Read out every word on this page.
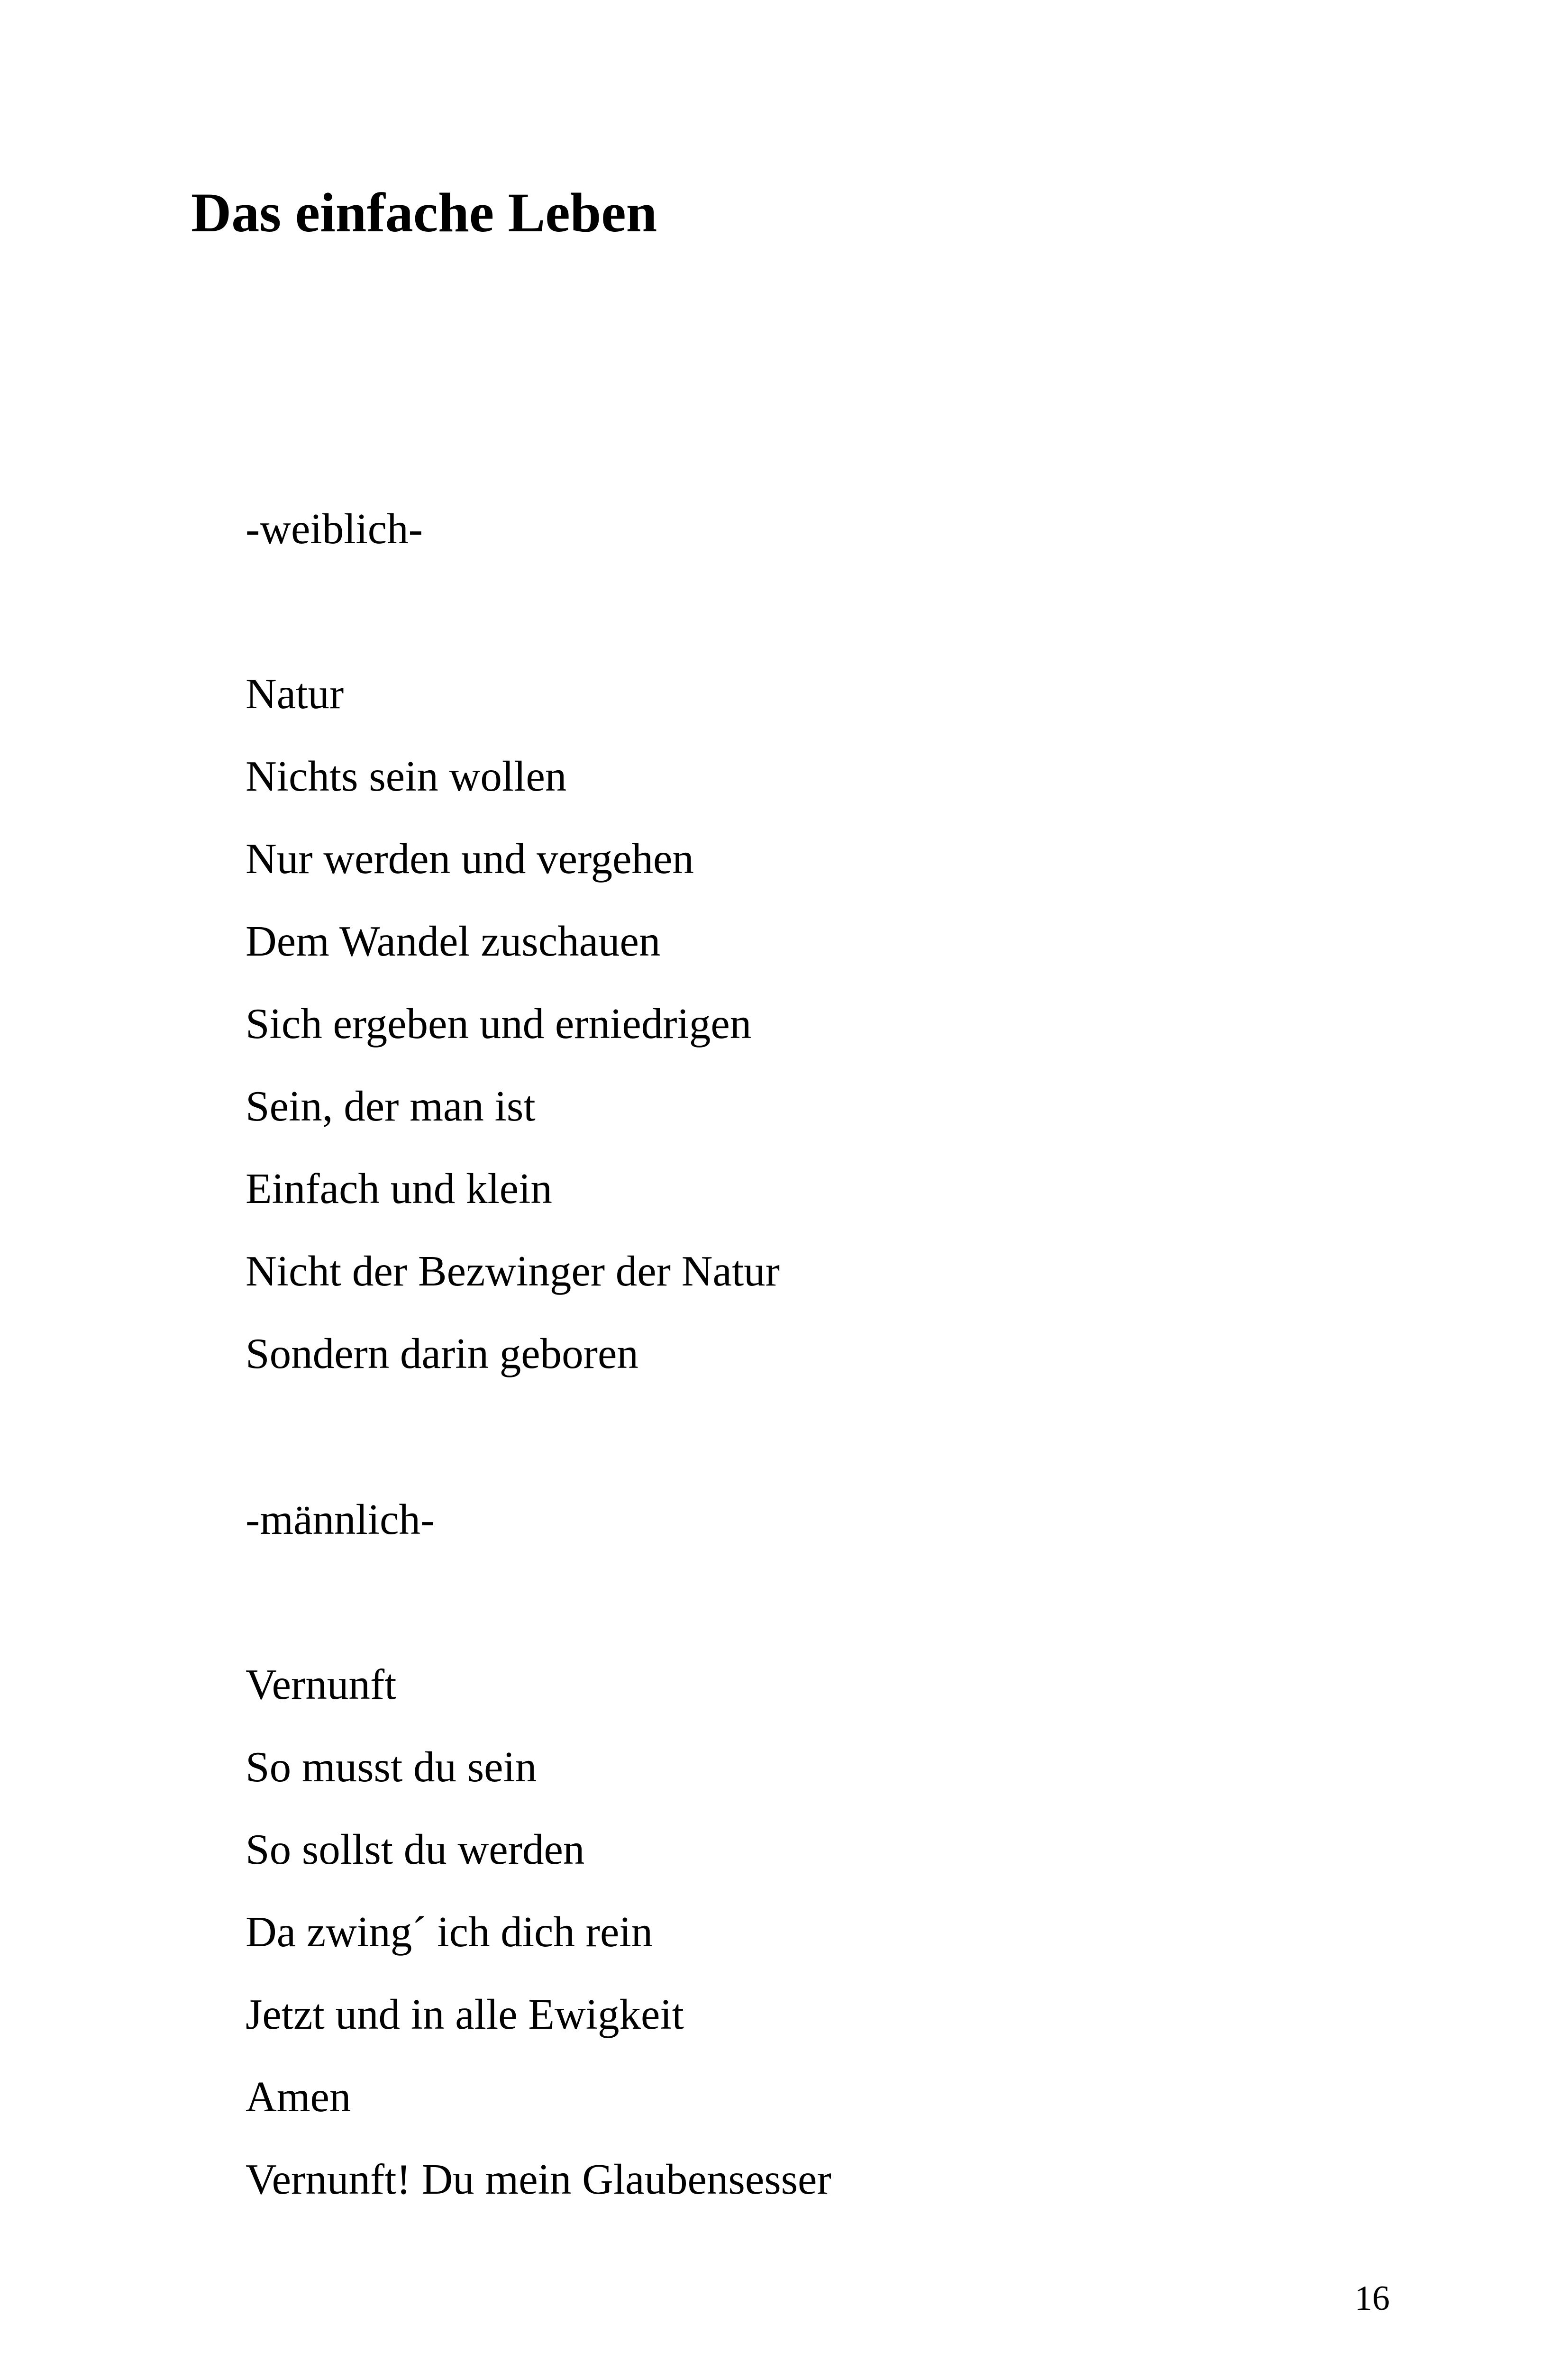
Das einfache Leben
-weiblich-
Natur
Nichts sein wollen
Nur werden und vergehen
Dem Wandel zuschauen
Sich ergeben und erniedrigen
Sein, der man ist
Einfach und klein
Nicht der Bezwinger der Natur
Sondern darin geboren
-männlich-
Vernunft
So musst du sein
So sollst du werden
Da zwing´ ich dich rein
Jetzt und in alle Ewigkeit
Amen
Vernunft! Du mein Glaubensesser
16
